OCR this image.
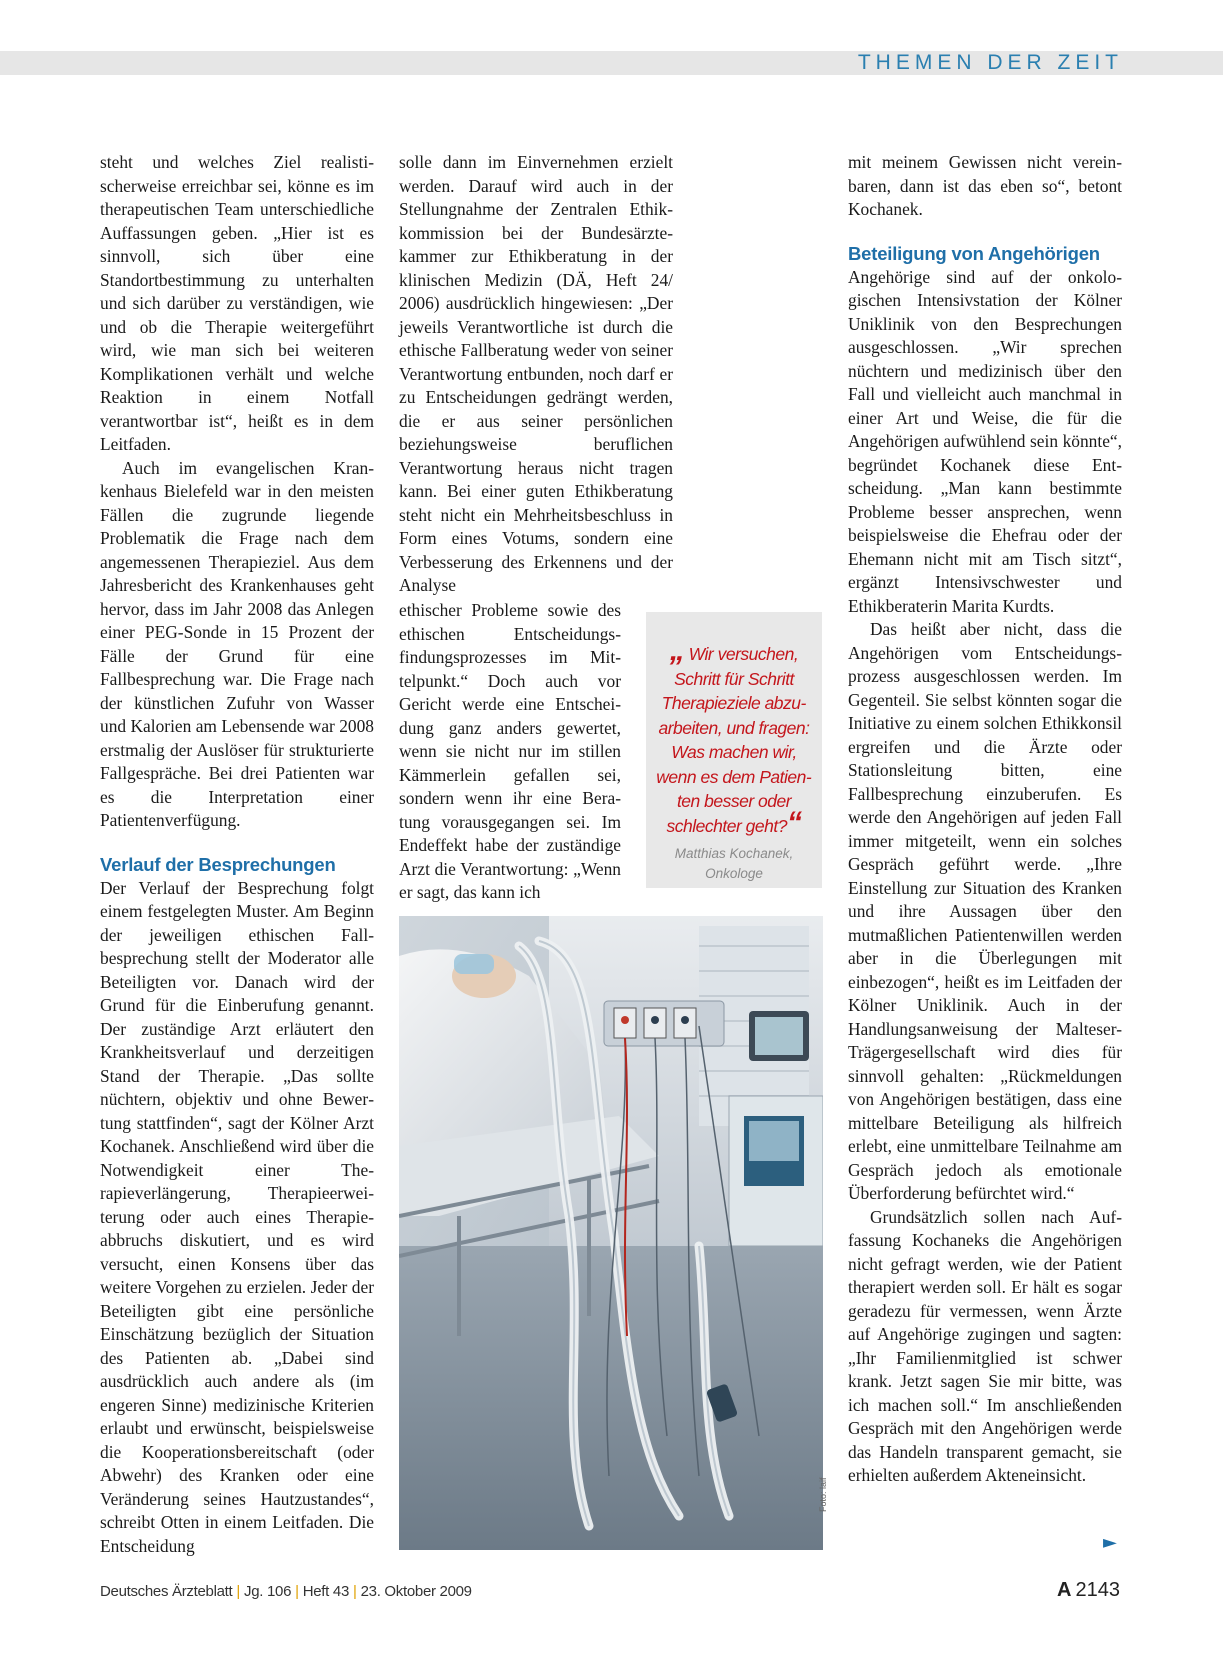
THEMEN DER ZEIT

steht und welches Ziel realistischerweise erreichbar sei, könne es im therapeutischen Team unterschiedliche Auffassungen geben. „Hier ist es sinnvoll, sich über eine Standortbestimmung zu unterhalten und sich darüber zu verständigen, wie und ob die Therapie weitergeführt wird, wie man sich bei weiteren Komplikationen verhält und welche Reaktion in einem Notfall verantwortbar ist“, heißt es in dem Leitfaden.

Auch im evangelischen Krankenhaus Bielefeld war in den meisten Fällen die zugrunde liegende Problematik die Frage nach dem angemessenen Therapieziel. Aus dem Jahresbericht des Krankenhauses geht hervor, dass im Jahr 2008 das Anlegen einer PEG-Sonde in 15 Prozent der Fälle der Grund für eine Fallbesprechung war. Die Frage nach der künstlichen Zufuhr von Wasser und Kalorien am Lebensende war 2008 erstmalig der Auslöser für strukturierte Fallgespräche. Bei drei Patienten war es die Interpretation einer Patientenverfügung.

Verlauf der Besprechungen

Der Verlauf der Besprechung folgt einem festgelegten Muster. Am Beginn der jeweiligen ethischen Fallbesprechung stellt der Moderator alle Beteiligten vor. Danach wird der Grund für die Einberufung genannt. Der zuständige Arzt erläutert den Krankheitsverlauf und derzeitigen Stand der Therapie. „Das sollte nüchtern, objektiv und ohne Bewertung stattfinden“, sagt der Kölner Arzt Kochanek. Anschließend wird über die Notwendigkeit einer Therapieverlängerung, Therapieerweiterung oder auch eines Therapieabbruchs diskutiert, und es wird versucht, einen Konsens über das weitere Vorgehen zu erzielen. Jeder der Beteiligten gibt eine persönliche Einschätzung bezüglich der Situation des Patienten ab. „Dabei sind ausdrücklich auch andere als (im engeren Sinne) medizinische Kriterien erlaubt und erwünscht, beispielsweise die Kooperationsbereitschaft (oder Abwehr) des Kranken oder eine Veränderung seines Hautzustandes“, schreibt Otten in einem Leitfaden. Die Entscheidung

solle dann im Einvernehmen erzielt werden. Darauf wird auch in der Stellungnahme der Zentralen Ethikkommission bei der Bundesärztekammer zur Ethikberatung in der klinischen Medizin (DÄ, Heft 24/ 2006) ausdrücklich hingewiesen: „Der jeweils Verantwortliche ist durch die ethische Fallberatung weder von seiner Verantwortung entbunden, noch darf er zu Entscheidungen gedrängt werden, die er aus seiner persönlichen beziehungsweise beruflichen Verantwortung heraus nicht tragen kann. Bei einer guten Ethikberatung steht nicht ein Mehrheitsbeschluss in Form eines Votums, sondern eine Verbesserung des Erkennens und der Analyse

ethischer Probleme sowie des ethischen Entscheidungsfindungsprozesses im Mittelpunkt.“ Doch auch vor Gericht werde eine Entscheidung ganz anders gewertet, wenn sie nicht nur im stillen Kämmerlein gefallen sei, sondern wenn ihr eine Beratung vorausgegangen sei. Im Endeffekt habe der zuständige Arzt die Verantwortung: „Wenn er sagt, das kann ich

„ Wir versuchen, Schritt für Schritt Therapieziele abzuarbeiten, und fragen: Was machen wir, wenn es dem Patienten besser oder schlechter geht?“
Matthias Kochanek,
Onkologe
Foto: laif

mit meinem Gewissen nicht vereinbaren, dann ist das eben so“, betont Kochanek.

Beteiligung von Angehörigen

Angehörige sind auf der onkologischen Intensivstation der Kölner Uniklinik von den Besprechungen ausgeschlossen. „Wir sprechen nüchtern und medizinisch über den Fall und vielleicht auch manchmal in einer Art und Weise, die für die Angehörigen aufwühlend sein könnte“, begründet Kochanek diese Entscheidung. „Man kann bestimmte Probleme besser ansprechen, wenn beispielsweise die Ehefrau oder der Ehemann nicht mit am Tisch sitzt“, ergänzt Intensivschwester und Ethikberaterin Marita Kurdts.

Das heißt aber nicht, dass die Angehörigen vom Entscheidungsprozess ausgeschlossen werden. Im Gegenteil. Sie selbst könnten sogar die Initiative zu einem solchen Ethikkonsil ergreifen und die Ärzte oder Stationsleitung bitten, eine Fallbesprechung einzuberufen. Es werde den Angehörigen auf jeden Fall immer mitgeteilt, wenn ein solches Gespräch geführt werde. „Ihre Einstellung zur Situation des Kranken und ihre Aussagen über den mutmaßlichen Patientenwillen werden aber in die Überlegungen mit einbezogen“, heißt es im Leitfaden der Kölner Uniklinik. Auch in der Handlungsanweisung der Malteser-Trägergesellschaft wird dies für sinnvoll gehalten: „Rückmeldungen von Angehörigen bestätigen, dass eine mittelbare Beteiligung als hilfreich erlebt, eine unmittelbare Teilnahme am Gespräch jedoch als emotionale Überforderung befürchtet wird.“

Grundsätzlich sollen nach Auffassung Kochaneks die Angehörigen nicht gefragt werden, wie der Patient therapiert werden soll. Er hält es sogar geradezu für vermessen, wenn Ärzte auf Angehörige zugingen und sagten: „Ihr Familienmitglied ist schwer krank. Jetzt sagen Sie mir bitte, was ich machen soll.“ Im anschließenden Gespräch mit den Angehörigen werde das Handeln transparent gemacht, sie erhielten außerdem Akteneinsicht.

►
Deutsches Ärzteblatt | Jg. 106 | Heft 43 | 23. Oktober 2009	A 2143
